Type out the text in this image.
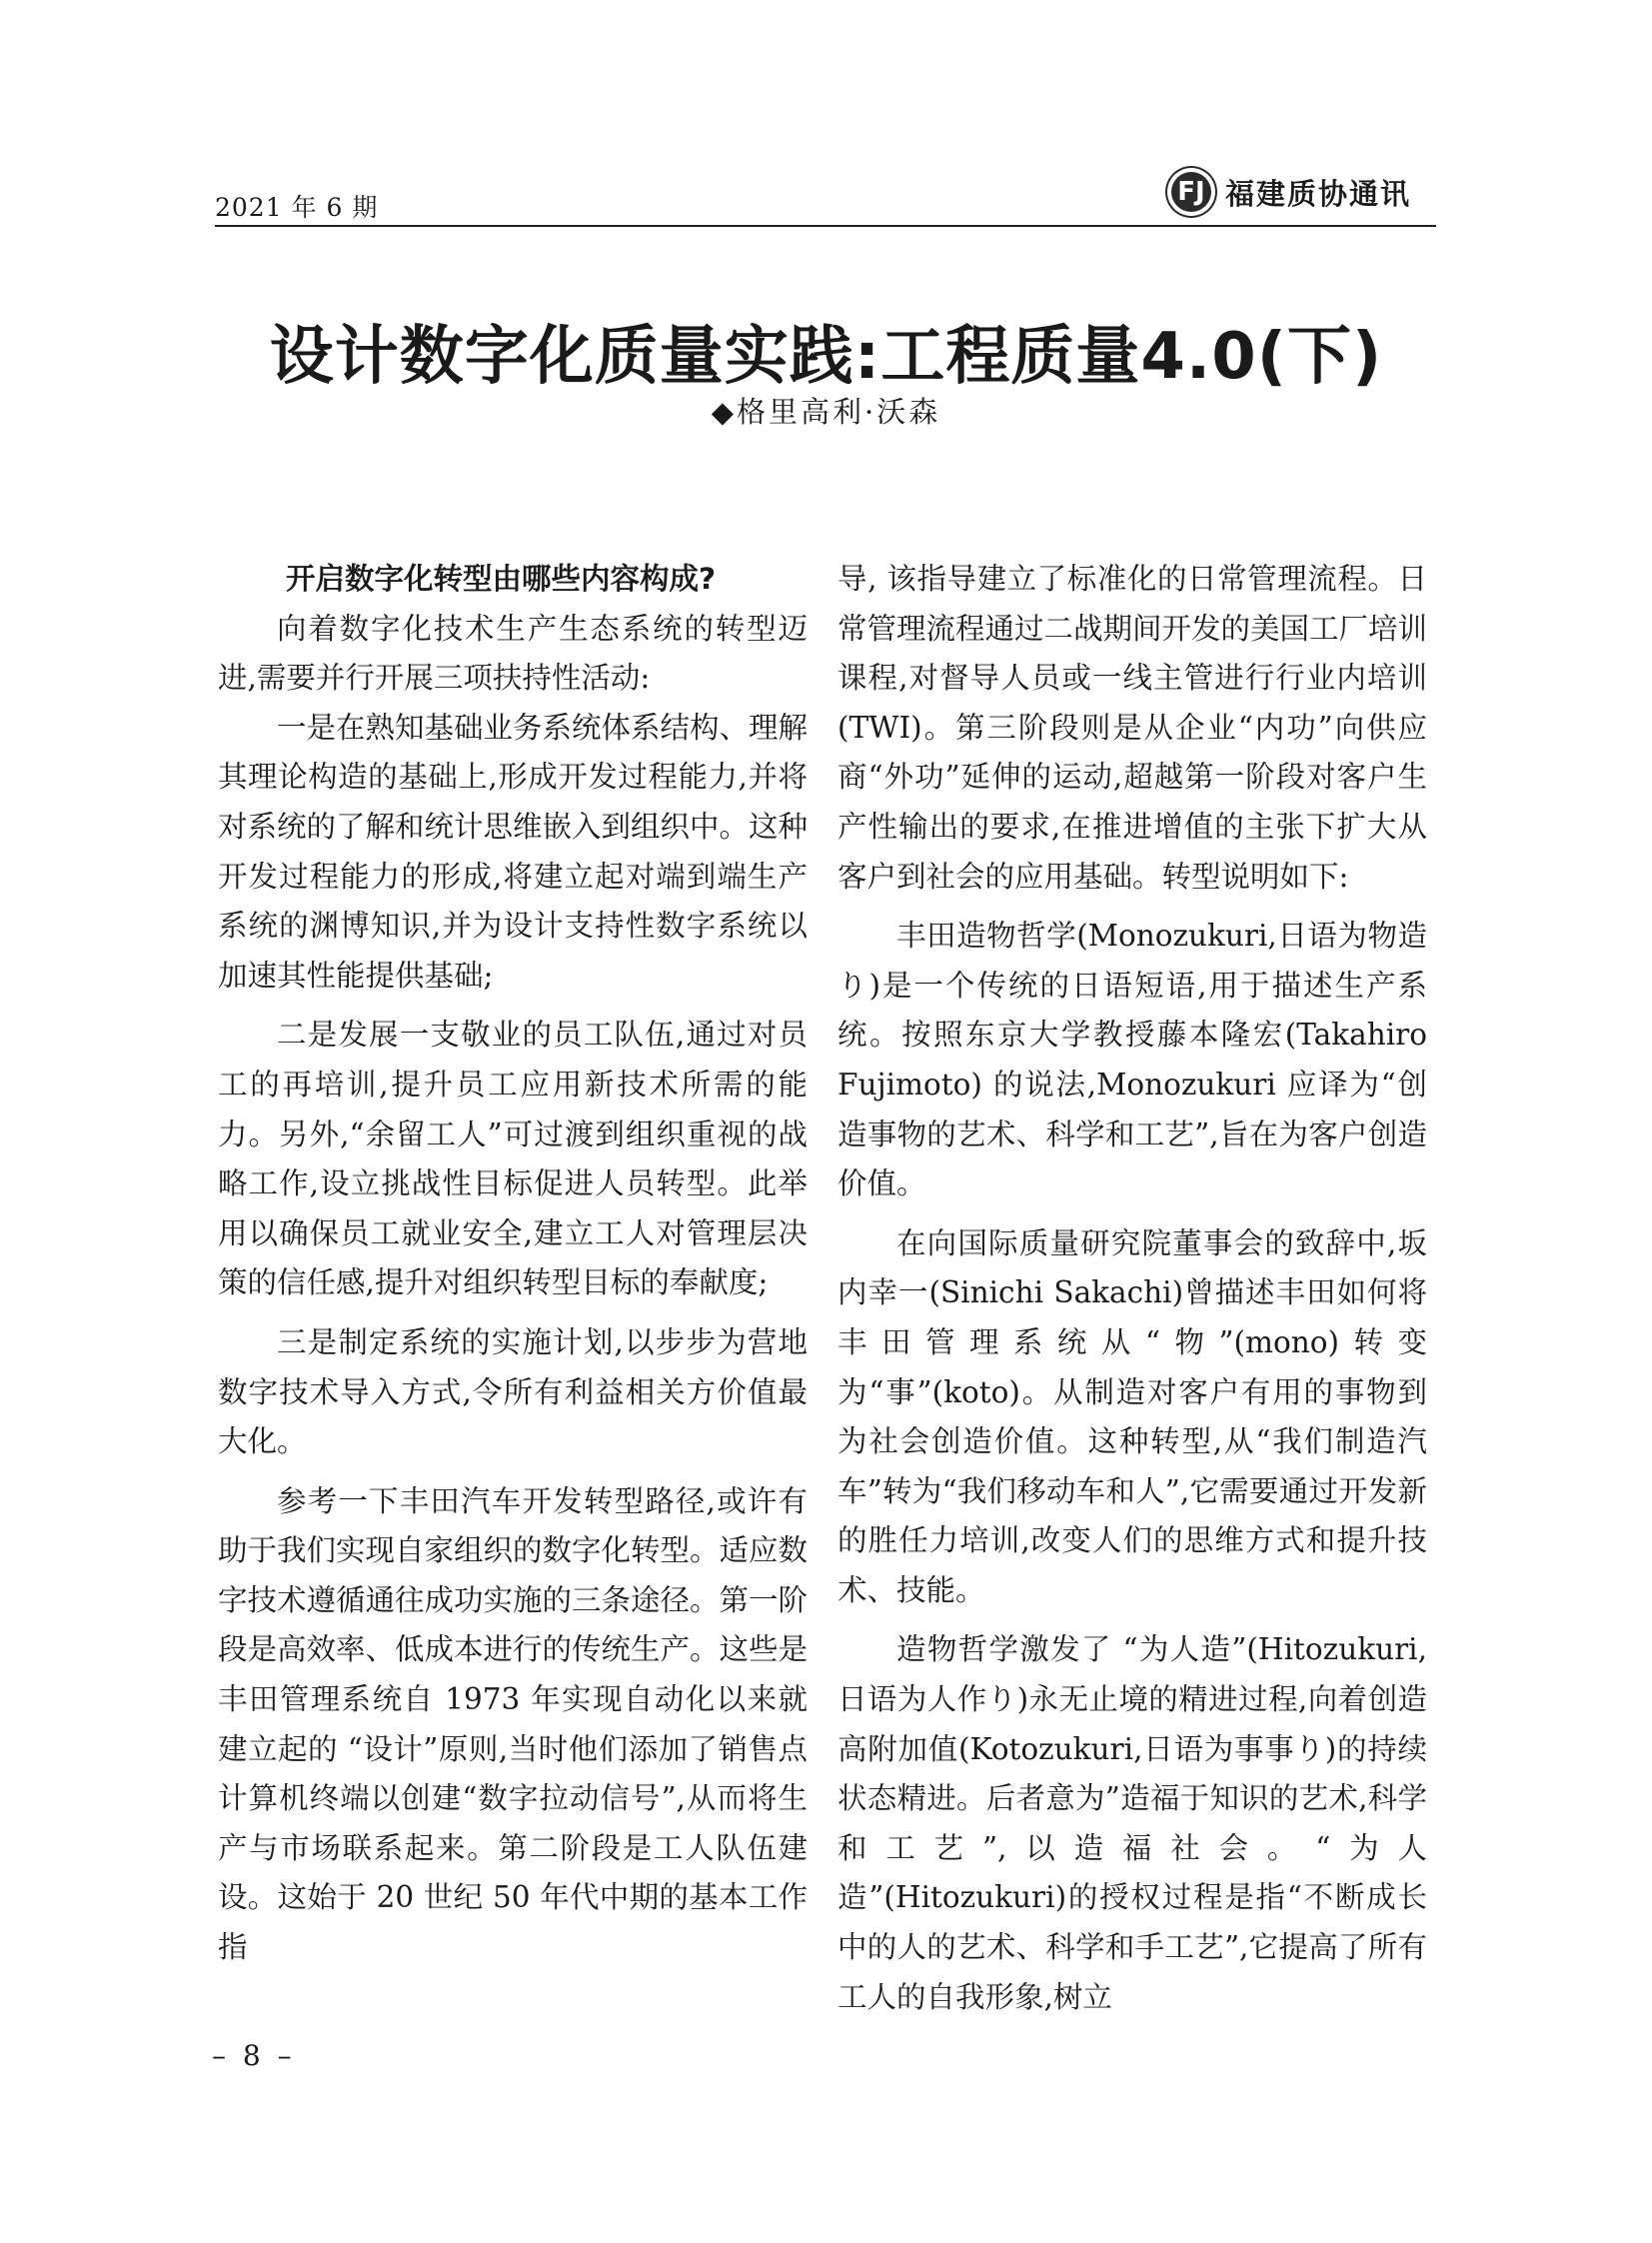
2021 年 6 期
FJ 福建质协通讯
设计数字化质量实践:工程质量4.0(下)
◆格里高利·沃森
开启数字化转型由哪些内容构成?

向着数字化技术生产生态系统的转型迈进,需要并行开展三项扶持性活动:

一是在熟知基础业务系统体系结构、理解其理论构造的基础上,形成开发过程能力,并将对系统的了解和统计思维嵌入到组织中。这种开发过程能力的形成,将建立起对端到端生产系统的渊博知识,并为设计支持性数字系统以加速其性能提供基础;

二是发展一支敬业的员工队伍,通过对员工的再培训,提升员工应用新技术所需的能力。另外,“余留工人”可过渡到组织重视的战略工作,设立挑战性目标促进人员转型。此举用以确保员工就业安全,建立工人对管理层决策的信任感,提升对组织转型目标的奉献度;

三是制定系统的实施计划,以步步为营地数字技术导入方式,令所有利益相关方价值最大化。

参考一下丰田汽车开发转型路径,或许有助于我们实现自家组织的数字化转型。适应数字技术遵循通往成功实施的三条途径。第一阶段是高效率、低成本进行的传统生产。这些是丰田管理系统自 1973 年实现自动化以来就建立起的 “设计”原则,当时他们添加了销售点计算机终端以创建“数字拉动信号”,从而将生产与市场联系起来。第二阶段是工人队伍建设。这始于 20 世纪 50 年代中期的基本工作指

导, 该指导建立了标准化的日常管理流程。日常管理流程通过二战期间开发的美国工厂培训课程,对督导人员或一线主管进行行业内培训(TWI)。第三阶段则是从企业“内功”向供应商“外功”延伸的运动,超越第一阶段对客户生产性输出的要求,在推进增值的主张下扩大从客户到社会的应用基础。转型说明如下:

丰田造物哲学(Monozukuri,日语为物造り)是一个传统的日语短语,用于描述生产系统。按照东京大学教授藤本隆宏(Takahiro Fujimoto) 的说法,Monozukuri 应译为“创造事物的艺术、科学和工艺”,旨在为客户创造价值。

在向国际质量研究院董事会的致辞中,坂内幸一(Sinichi Sakachi)曾描述丰田如何将丰田管理系统从“物”(mono)转变为“事”(koto)。从制造对客户有用的事物到为社会创造价值。这种转型,从“我们制造汽车”转为“我们移动车和人”,它需要通过开发新的胜任力培训,改变人们的思维方式和提升技术、技能。

造物哲学激发了 “为人造”(Hitozukuri,日语为人作り)永无止境的精进过程,向着创造高附加值(Kotozukuri,日语为事事り)的持续状态精进。后者意为”造福于知识的艺术,科学和工艺”,以造福社会。“为人造”(Hitozukuri)的授权过程是指“不断成长中的人的艺术、科学和手工艺”,它提高了所有工人的自我形象,树立

– 8 –
